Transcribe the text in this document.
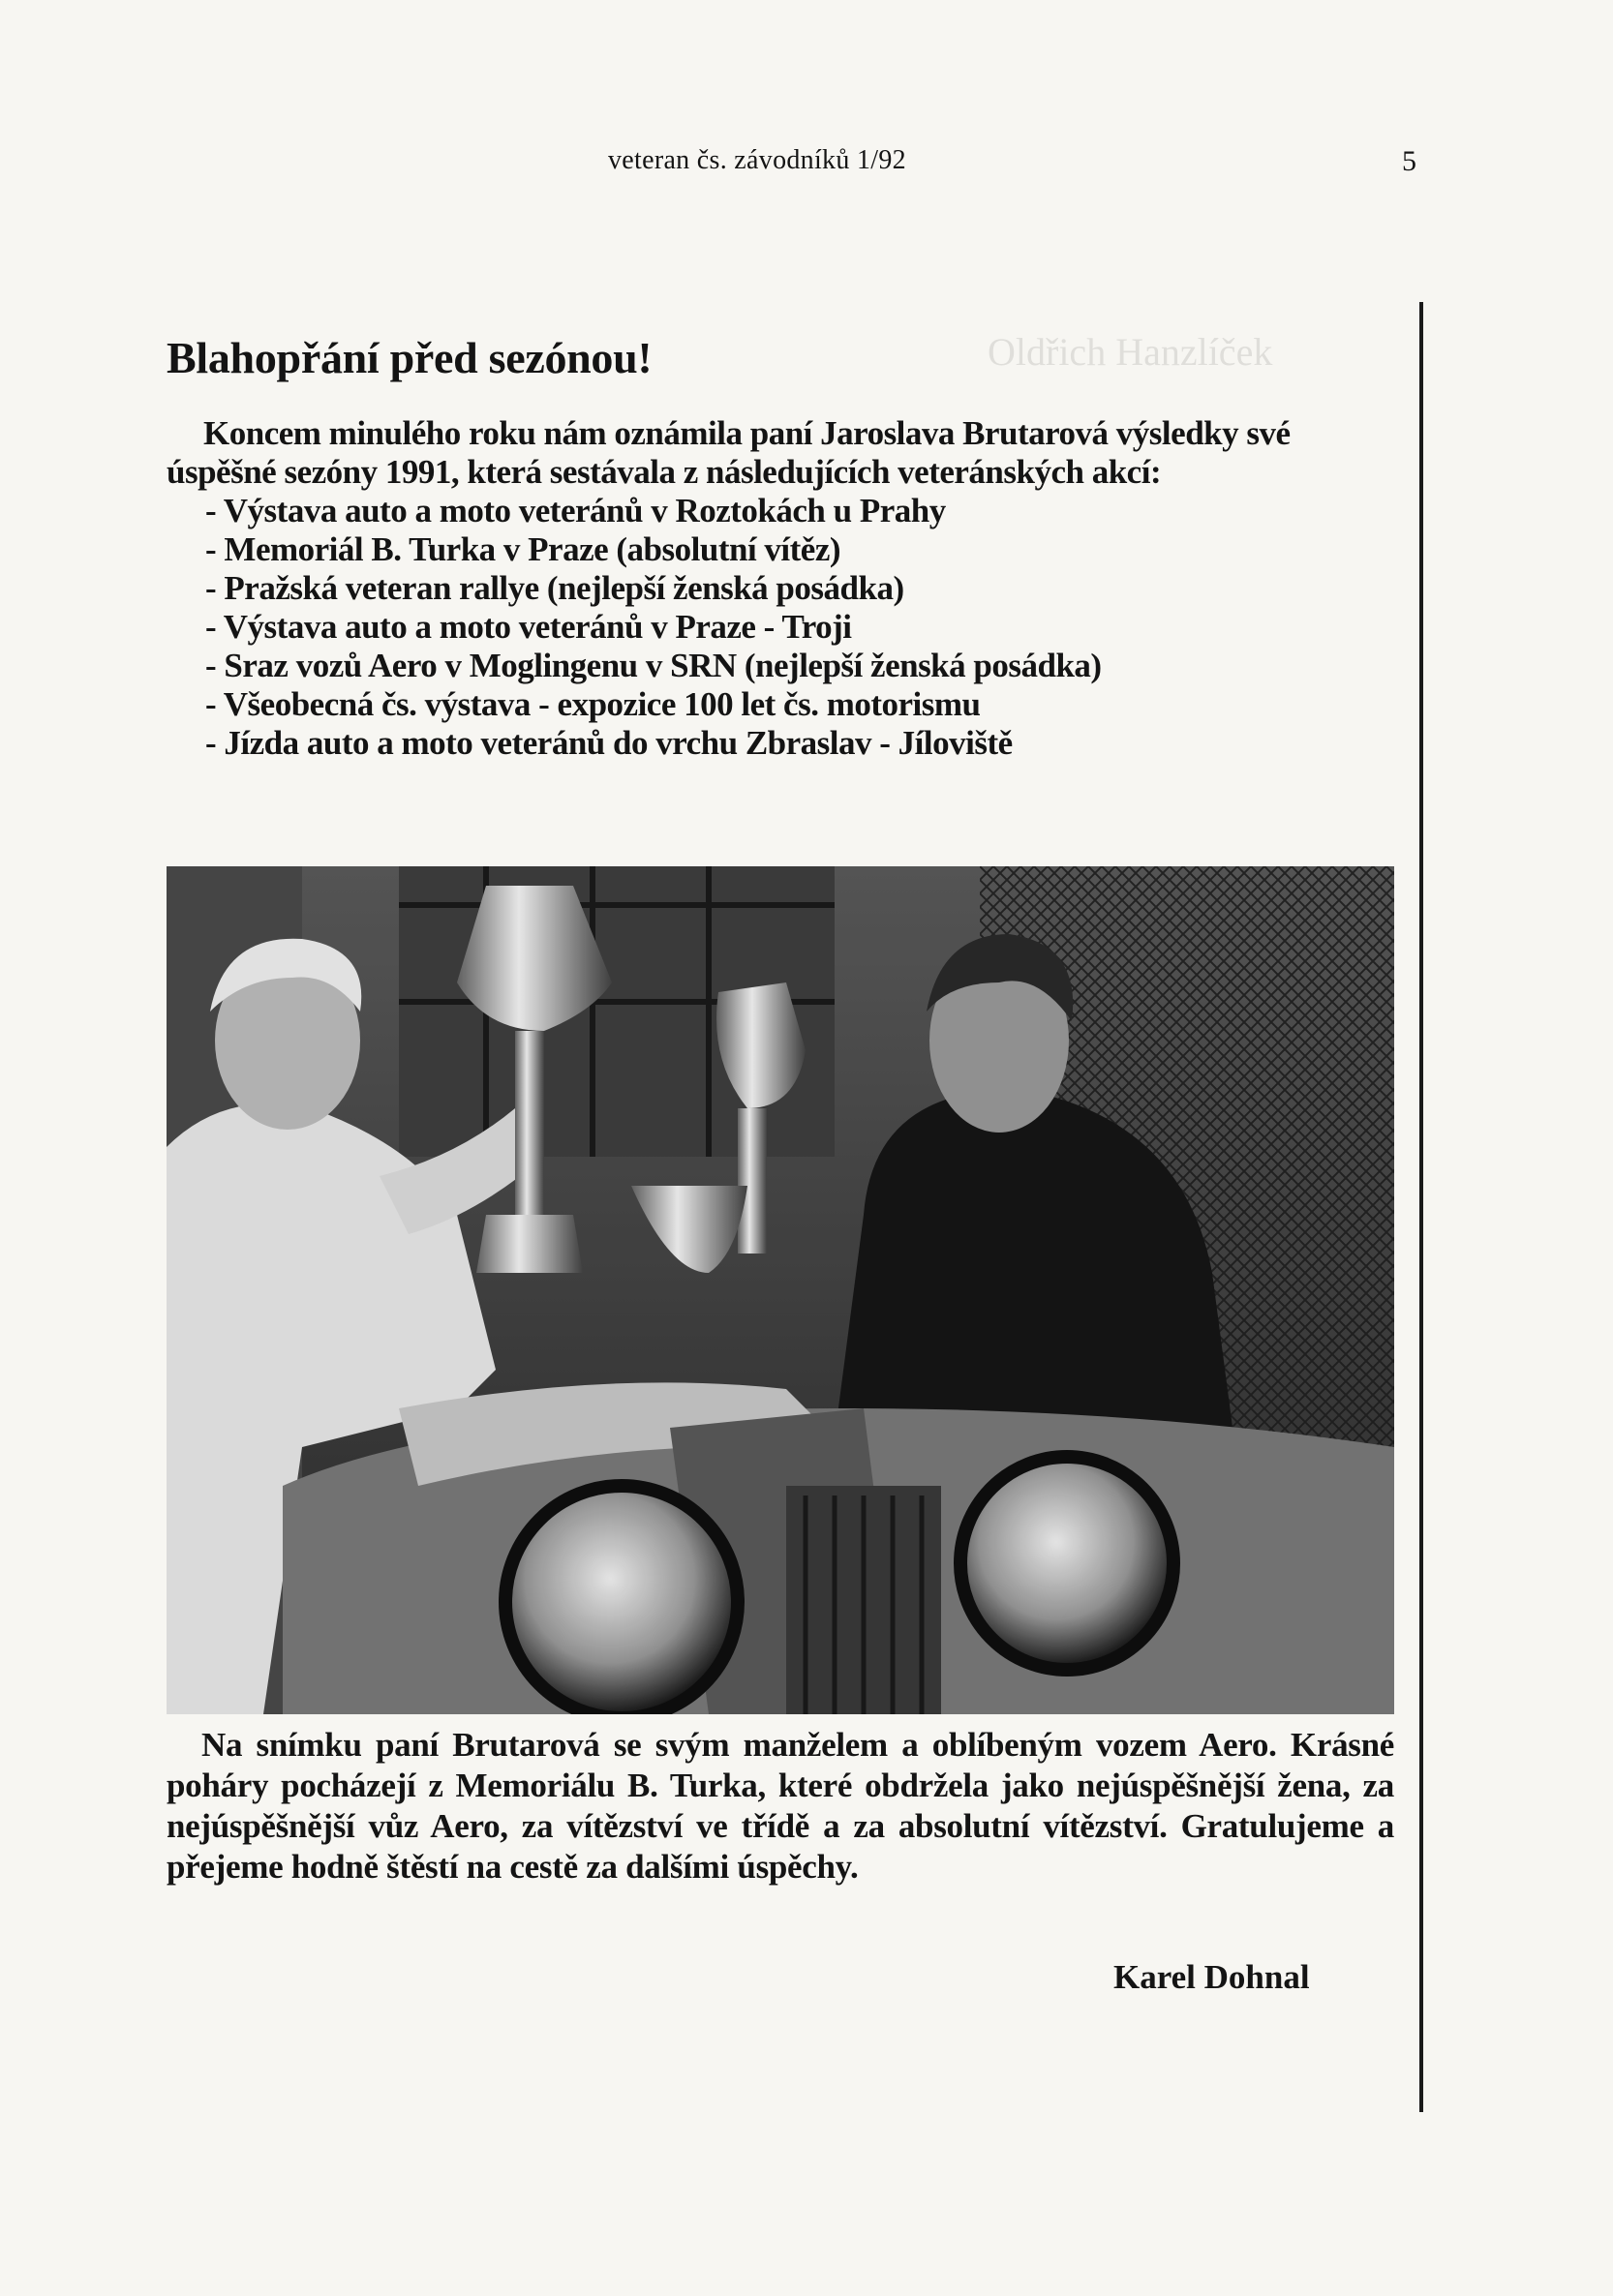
Oldřich Hanzlíček
veteran čs. závodníků 1/92	5
Blahopřání před sezónou!

Koncem minulého roku nám oznámila paní Jaroslava Brutarová výsledky své úspěšné sezóny 1991, která sestávala z následujících veteránských akcí:

- Výstava auto a moto veteránů v Roztokách u Prahy
- Memoriál B. Turka v Praze (absolutní vítěz)
- Pražská veteran rallye (nejlepší ženská posádka)
- Výstava auto a moto veteránů v Praze - Troji
- Sraz vozů Aero v Moglingenu v SRN (nejlepší ženská posádka)
- Všeobecná čs. výstava - expozice 100 let čs. motorismu
- Jízda auto a moto veteránů do vrchu Zbraslav - Jíloviště

Na snímku paní Brutarová se svým manželem a oblíbeným vozem Aero. Krásné poháry pocházejí z Memoriálu B. Turka, které obdržela jako nejúspěšnější žena, za nejúspěšnější vůz Aero, za vítězství ve třídě a za absolutní vítězství. Gratulujeme a přejeme hodně štěstí na cestě za dalšími úspěchy.

Karel Dohnal
